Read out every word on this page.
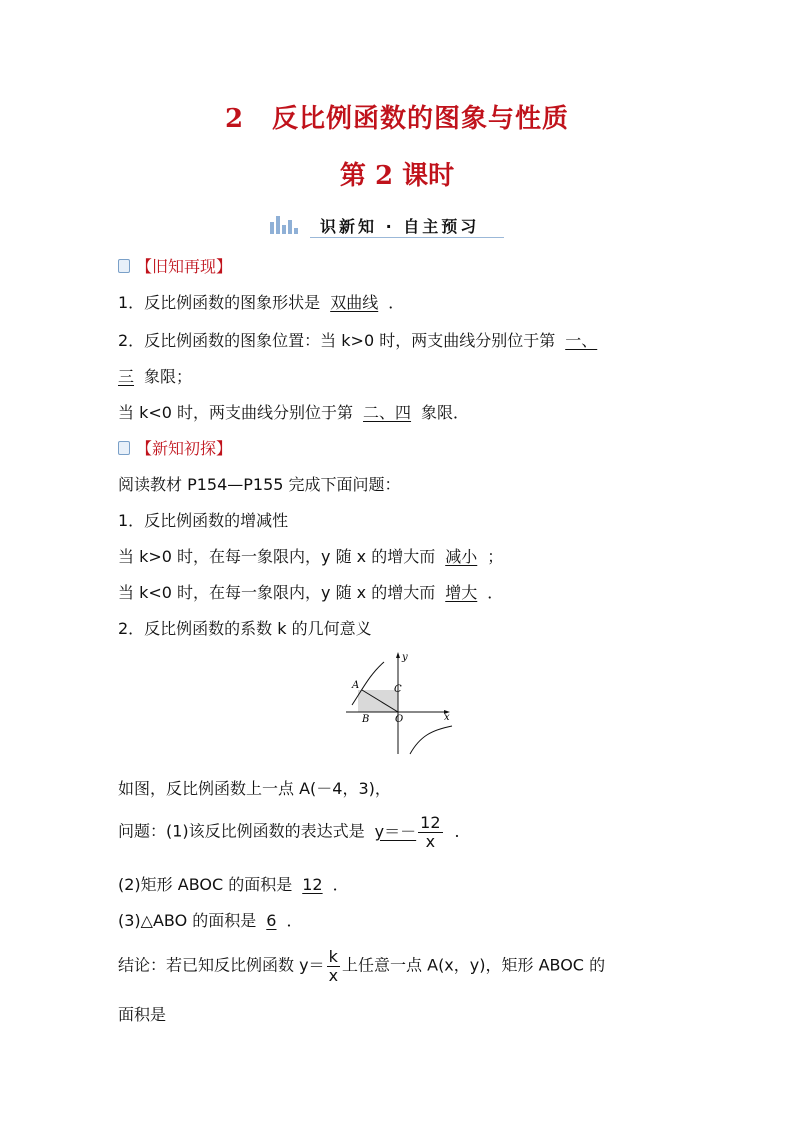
2 反比例函数的图象与性质
第 2 课时
识新知 · 自主预习
【旧知再现】
1．反比例函数的图象形状是 双曲线 ．
2．反比例函数的图象位置：当 k>0 时，两支曲线分别位于第 一、
三 象限；
当 k<0 时，两支曲线分别位于第 二、四 象限．
【新知初探】
阅读教材 P154—P155 完成下面问题：
1．反比例函数的增减性
当 k>0 时，在每一象限内，y 随 x 的增大而 减小 ；
当 k<0 时，在每一象限内，y 随 x 的增大而 增大 ．
2．反比例函数的系数 k 的几何意义
y
x
A
B
C
O
如图，反比例函数上一点 A(－4，3)，
问题：(1)该反比例函数的表达式是 $y=- \frac{12}{x}$ ．
(2)矩形 ABOC 的面积是 12 ．
(3)△ABO 的面积是 6 ．
结论：若已知反比例函数 $y= \frac{k}{x}$ 上任意一点 A(x，y)，矩形 ABOC 的
面积是
